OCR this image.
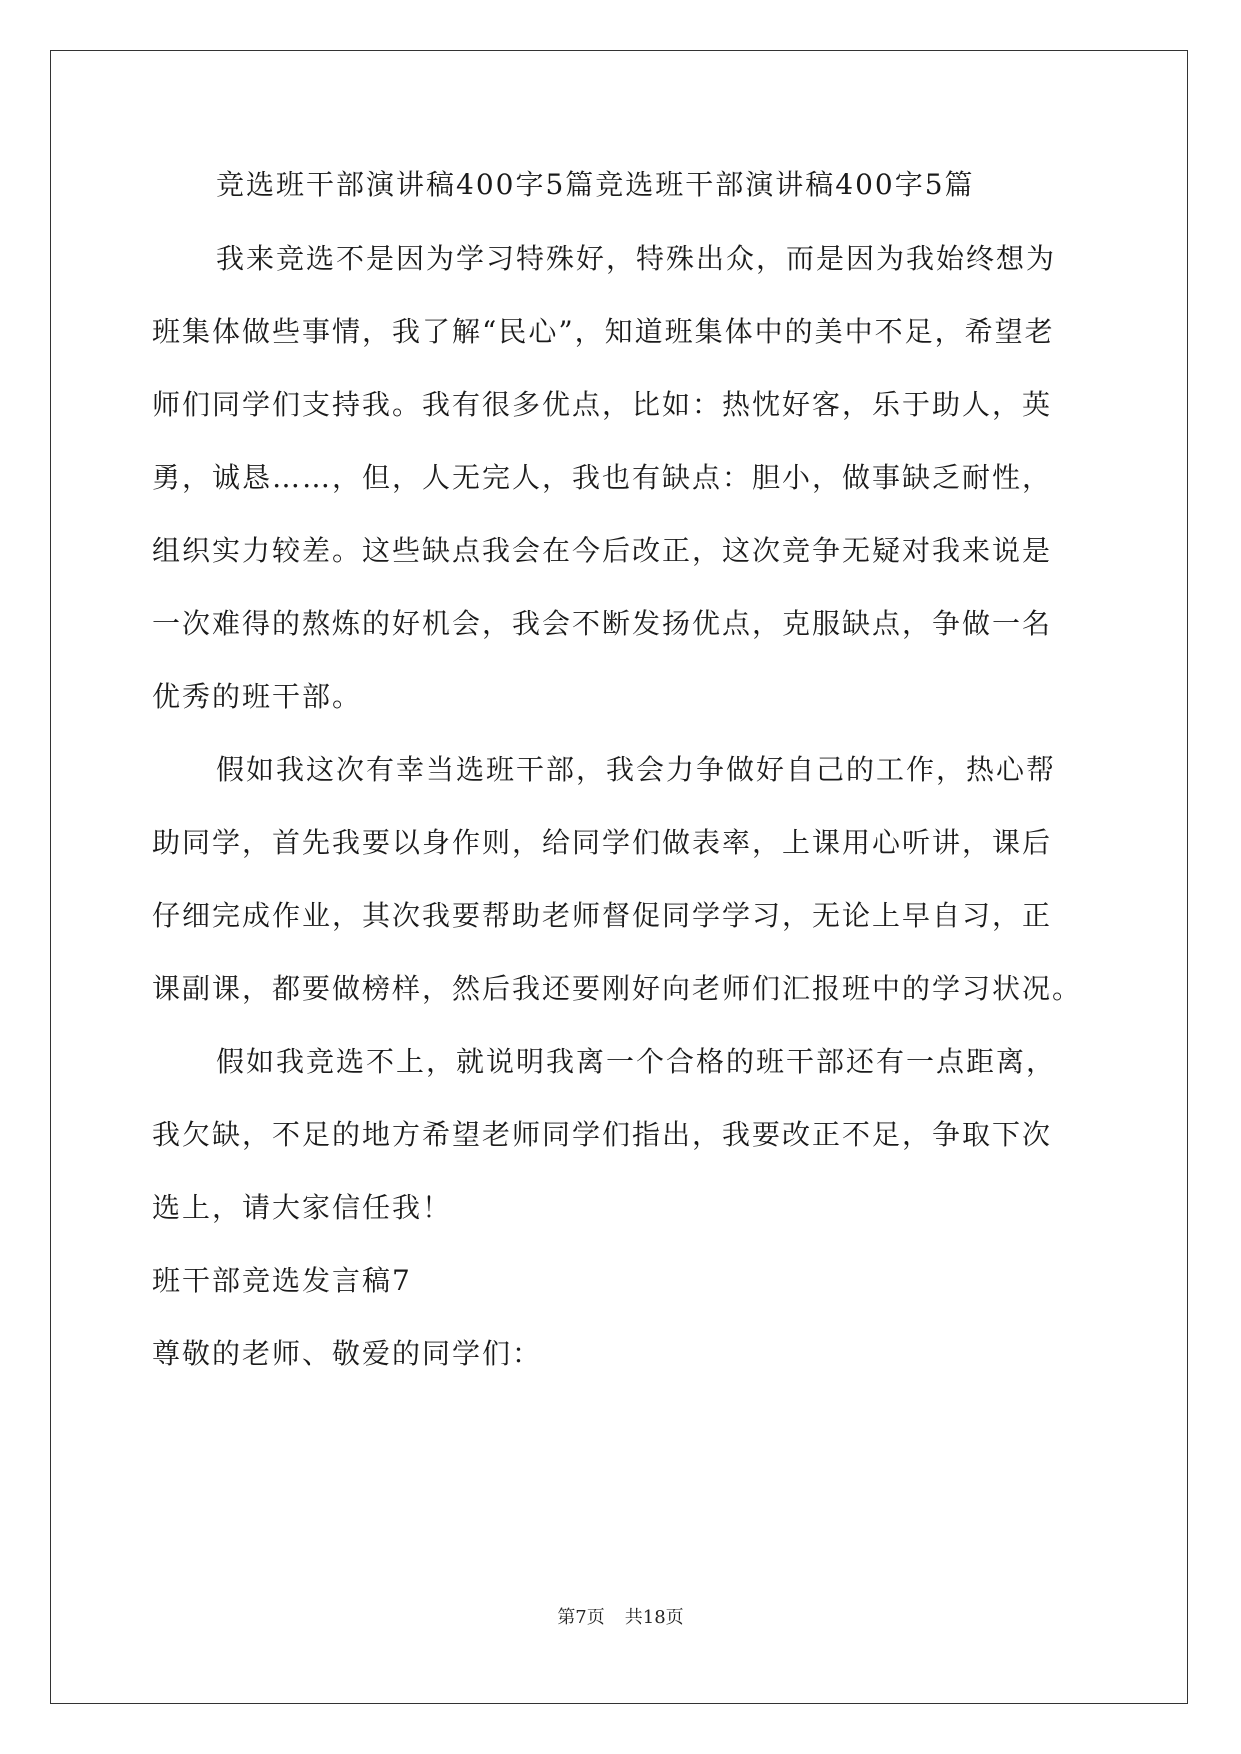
竞选班干部演讲稿400字5篇竞选班干部演讲稿400字5篇
我来竞选不是因为学习特殊好，特殊出众，而是因为我始终想为
班集体做些事情，我了解“民心”，知道班集体中的美中不足，希望老
师们同学们支持我。我有很多优点，比如：热忱好客，乐于助人，英
勇，诚恳……，但，人无完人，我也有缺点：胆小，做事缺乏耐性，
组织实力较差。这些缺点我会在今后改正，这次竞争无疑对我来说是
一次难得的熬炼的好机会，我会不断发扬优点，克服缺点，争做一名
优秀的班干部。
假如我这次有幸当选班干部，我会力争做好自己的工作，热心帮
助同学，首先我要以身作则，给同学们做表率，上课用心听讲，课后
仔细完成作业，其次我要帮助老师督促同学学习，无论上早自习，正
课副课，都要做榜样，然后我还要刚好向老师们汇报班中的学习状况。
假如我竞选不上，就说明我离一个合格的班干部还有一点距离，
我欠缺，不足的地方希望老师同学们指出，我要改正不足，争取下次
选上，请大家信任我！
班干部竞选发言稿7
尊敬的老师、敬爱的同学们：
第7页 共18页
